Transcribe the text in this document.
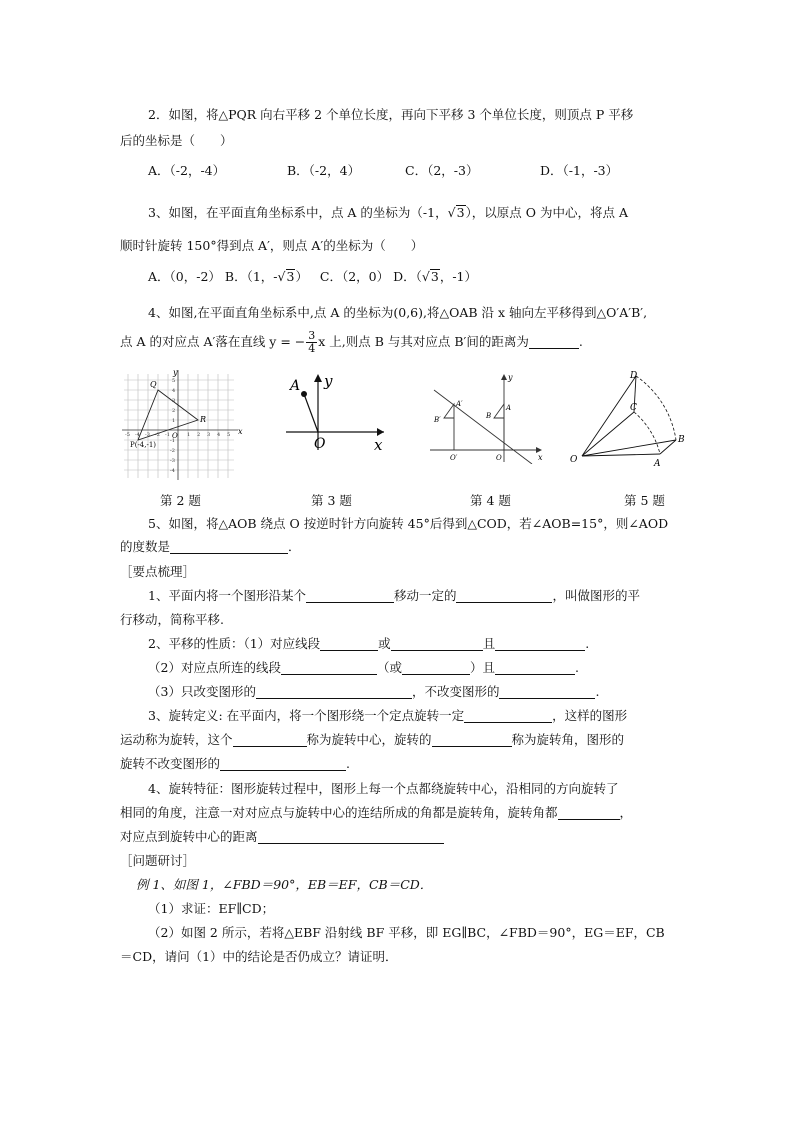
2．如图，将△PQR 向右平移 2 个单位长度，再向下平移 3 个单位长度，则顶点 P 平移
后的坐标是（　　）
A．（-2，-4）	B．（-2，4）	C．（2，-3）	D．（-1，-3）
3、如图，在平面直角坐标系中，点 A 的坐标为（-1，√3），以原点 O 为中心，将点 A
顺时针旋转 150°得到点 A′，则点 A′的坐标为（　　）
A．（0，-2） B．（1，-√3） C．（2，0） D．（√3，-1）
4、如图,在平面直角坐标系中,点 A 的坐标为(0,6),将△OAB 沿 x 轴向左平移得到△O′A′B′,
点 A 的对应点 A′落在直线 y = − $\frac{3}{4}$ x 上,则点 B 与其对应点 B′间的距离为	.
Q
R
P(-4,-1)
O	x
y
-5 -4 -3 -2 -1	1 2 3 4 5
5
4
3
2
1
-1
-2
-3
-4
第 2 题
A
O	x
y
第 3 题
A′
B′
O′
A
B
O	x
y
第 4 题
D
C
B
A
O
第 5 题
5、如图，将△AOB 绕点 O 按逆时针方向旋转 45°后得到△COD，若∠AOB=15°，则∠AOD
的度数是	．
［要点梳理］
1、平面内将一个图形沿某个	移动一定的	，叫做图形的平
行移动，简称平移.
2、平移的性质：（1）对应线段	或	且	.
（2）对应点所连的线段	（或	）且	.
（3）只改变图形的	，不改变图形的	.
3、旋转定义: 在平面内，将一个图形绕一个定点旋转一定	，这样的图形
运动称为旋转，这个	称为旋转中心，旋转的	称为旋转角，图形的
旋转不改变图形的	.
4、旋转特征：图形旋转过程中，图形上每一个点都绕旋转中心，沿相同的方向旋转了
相同的角度，注意一对对应点与旋转中心的连结所成的角都是旋转角，旋转角都	，
对应点到旋转中心的距离
［问题研讨］
例 1、如图 1，∠FBD＝90°，EB＝EF，CB＝CD．
（1）求证：EF∥CD；
（2）如图 2 所示，若将△EBF 沿射线 BF 平移，即 EG∥BC，∠FBD＝90°，EG＝EF，CB
＝CD，请问（1）中的结论是否仍成立？请证明．
